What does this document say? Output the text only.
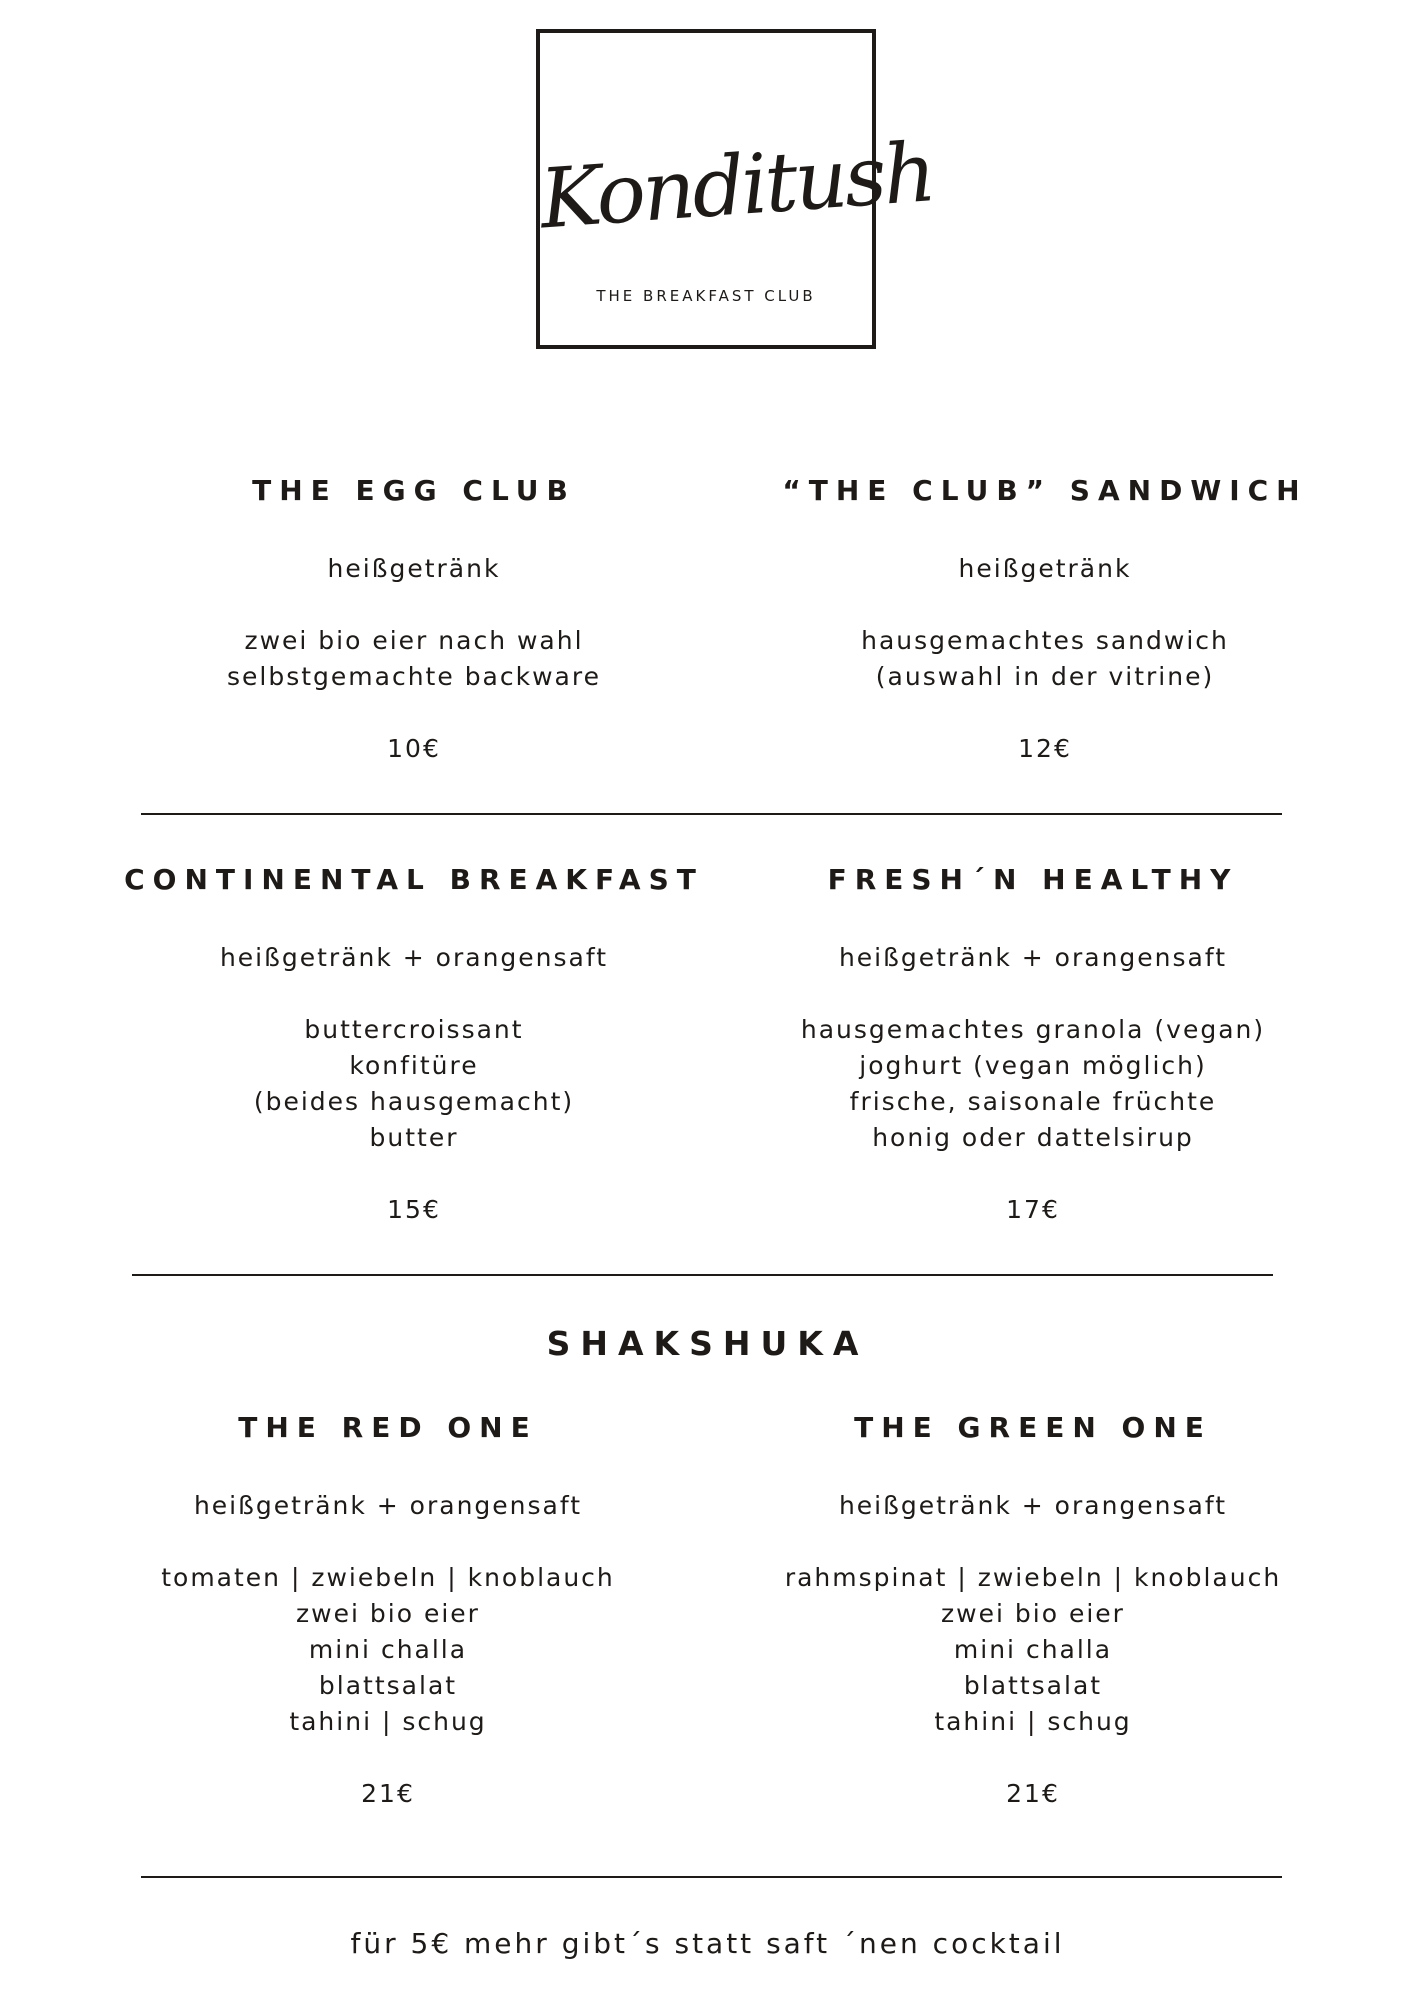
Konditush
THE BREAKFAST CLUB
THE EGG CLUB
heißgetränk
zwei bio eier nach wahl
selbstgemachte backware
10€
“THE CLUB” SANDWICH
heißgetränk
hausgemachtes sandwich
(auswahl in der vitrine)
12€
CONTINENTAL BREAKFAST
heißgetränk + orangensaft
buttercroissant
konfitüre
(beides hausgemacht)
butter
15€
FRESH´N HEALTHY
heißgetränk + orangensaft
hausgemachtes granola (vegan)
joghurt (vegan möglich)
frische, saisonale früchte
honig oder dattelsirup
17€
SHAKSHUKA
THE RED ONE
heißgetränk + orangensaft
tomaten | zwiebeln | knoblauch
zwei bio eier
mini challa
blattsalat
tahini | schug
21€
THE GREEN ONE
heißgetränk + orangensaft
rahmspinat | zwiebeln | knoblauch
zwei bio eier
mini challa
blattsalat
tahini | schug
21€
für 5€ mehr gibt´s statt saft ´nen cocktail
